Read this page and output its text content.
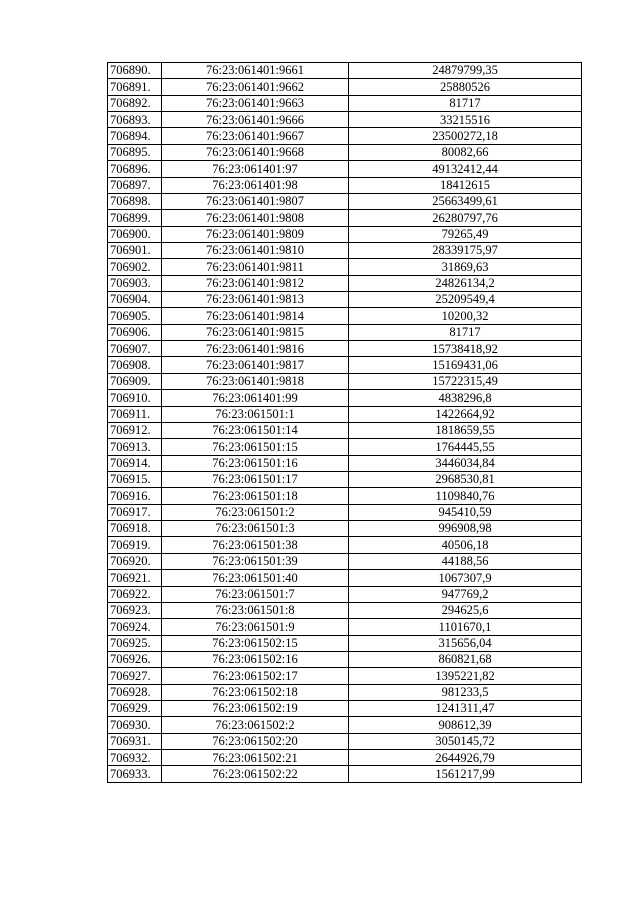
706890.	76:23:061401:9661	24879799,35
706891.	76:23:061401:9662	25880526
706892.	76:23:061401:9663	81717
706893.	76:23:061401:9666	33215516
706894.	76:23:061401:9667	23500272,18
706895.	76:23:061401:9668	80082,66
706896.	76:23:061401:97	49132412,44
706897.	76:23:061401:98	18412615
706898.	76:23:061401:9807	25663499,61
706899.	76:23:061401:9808	26280797,76
706900.	76:23:061401:9809	79265,49
706901.	76:23:061401:9810	28339175,97
706902.	76:23:061401:9811	31869,63
706903.	76:23:061401:9812	24826134,2
706904.	76:23:061401:9813	25209549,4
706905.	76:23:061401:9814	10200,32
706906.	76:23:061401:9815	81717
706907.	76:23:061401:9816	15738418,92
706908.	76:23:061401:9817	15169431,06
706909.	76:23:061401:9818	15722315,49
706910.	76:23:061401:99	4838296,8
706911.	76:23:061501:1	1422664,92
706912.	76:23:061501:14	1818659,55
706913.	76:23:061501:15	1764445,55
706914.	76:23:061501:16	3446034,84
706915.	76:23:061501:17	2968530,81
706916.	76:23:061501:18	1109840,76
706917.	76:23:061501:2	945410,59
706918.	76:23:061501:3	996908,98
706919.	76:23:061501:38	40506,18
706920.	76:23:061501:39	44188,56
706921.	76:23:061501:40	1067307,9
706922.	76:23:061501:7	947769,2
706923.	76:23:061501:8	294625,6
706924.	76:23:061501:9	1101670,1
706925.	76:23:061502:15	315656,04
706926.	76:23:061502:16	860821,68
706927.	76:23:061502:17	1395221,82
706928.	76:23:061502:18	981233,5
706929.	76:23:061502:19	1241311,47
706930.	76:23:061502:2	908612,39
706931.	76:23:061502:20	3050145,72
706932.	76:23:061502:21	2644926,79
706933.	76:23:061502:22	1561217,99
